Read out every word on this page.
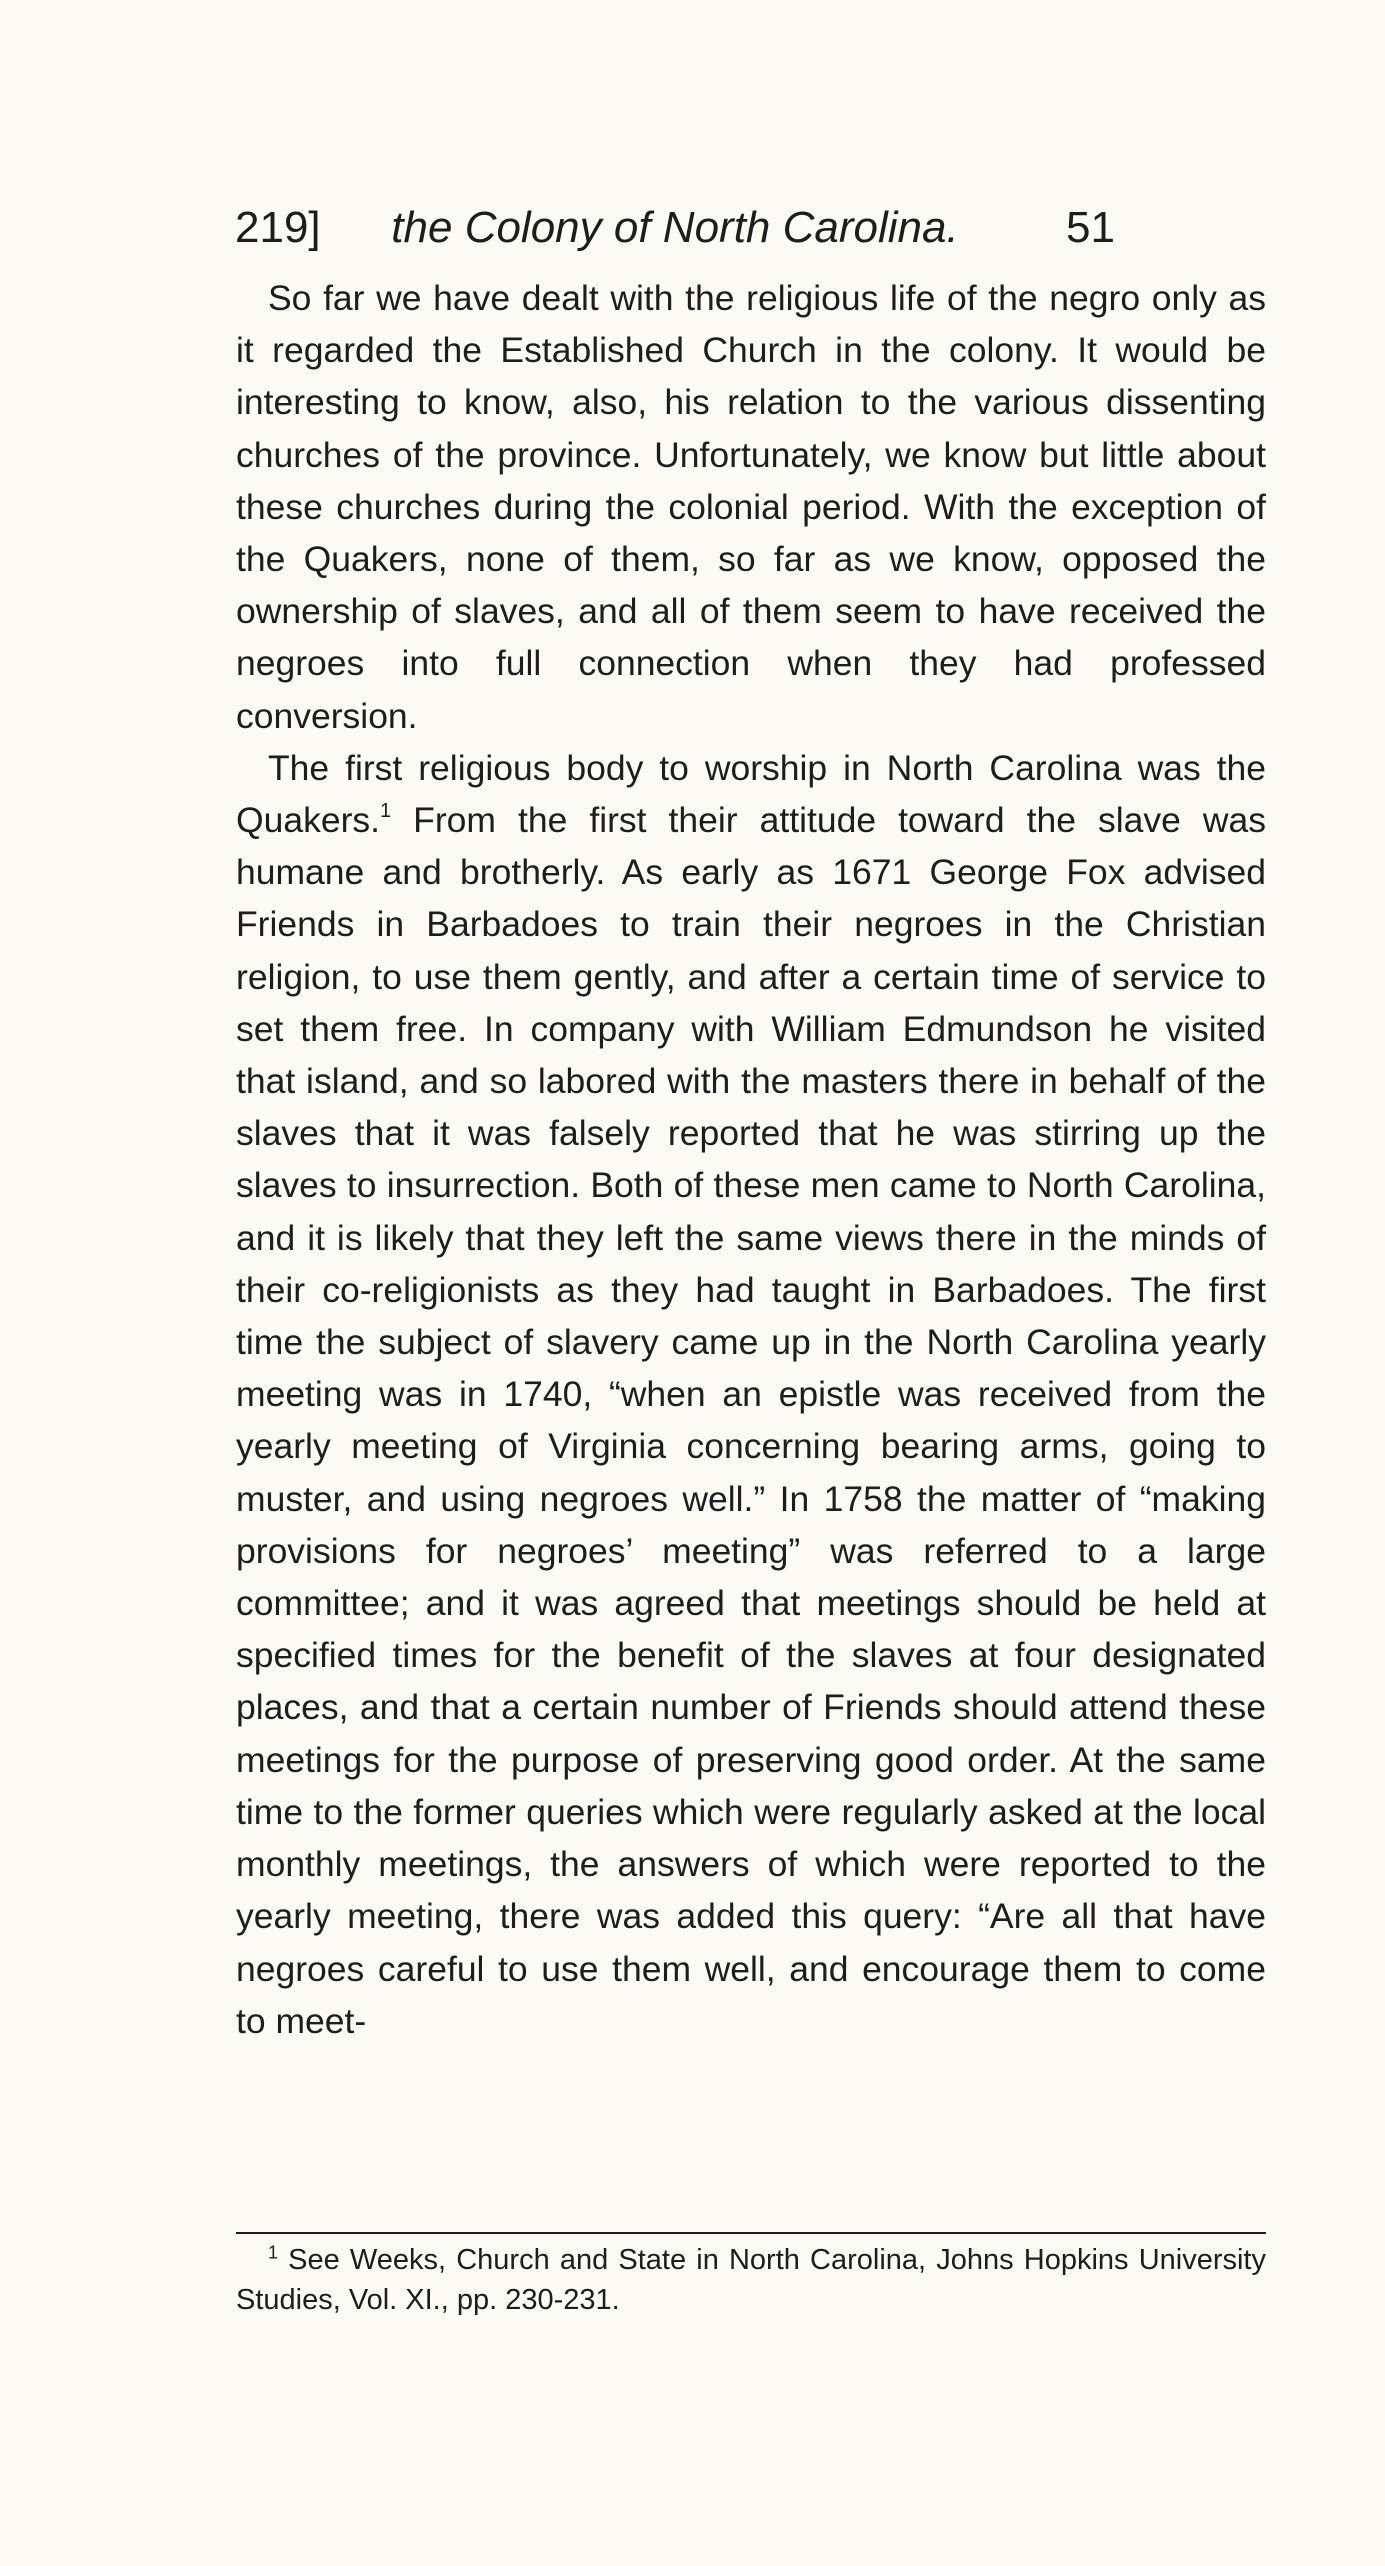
219]	the Colony of North Carolina.	51

So far we have dealt with the religious life of the negro only as it regarded the Established Church in the colony. It would be interesting to know, also, his relation to the various dissenting churches of the province. Unfortunately, we know but little about these churches during the colonial period. With the exception of the Quakers, none of them, so far as we know, opposed the ownership of slaves, and all of them seem to have received the negroes into full connection when they had professed conversion.

The first religious body to worship in North Carolina was the Quakers.$^1$ From the first their attitude toward the slave was humane and brotherly. As early as 1671 George Fox advised Friends in Barbadoes to train their negroes in the Christian religion, to use them gently, and after a certain time of service to set them free. In company with William Edmundson he visited that island, and so labored with the masters there in behalf of the slaves that it was falsely reported that he was stirring up the slaves to insurrection. Both of these men came to North Carolina, and it is likely that they left the same views there in the minds of their co-religionists as they had taught in Barbadoes. The first time the subject of slavery came up in the North Carolina yearly meeting was in 1740, “when an epistle was received from the yearly meeting of Virginia concerning bearing arms, going to muster, and using negroes well.” In 1758 the matter of “making provisions for negroes’ meeting” was referred to a large committee; and it was agreed that meetings should be held at specified times for the benefit of the slaves at four designated places, and that a certain number of Friends should attend these meetings for the purpose of preserving good order. At the same time to the former queries which were regularly asked at the local monthly meetings, the answers of which were reported to the yearly meeting, there was added this query: “Are all that have negroes careful to use them well, and encourage them to come to meet-

$^1$ See Weeks, Church and State in North Carolina, Johns Hopkins University Studies, Vol. XI., pp. 230-231.
